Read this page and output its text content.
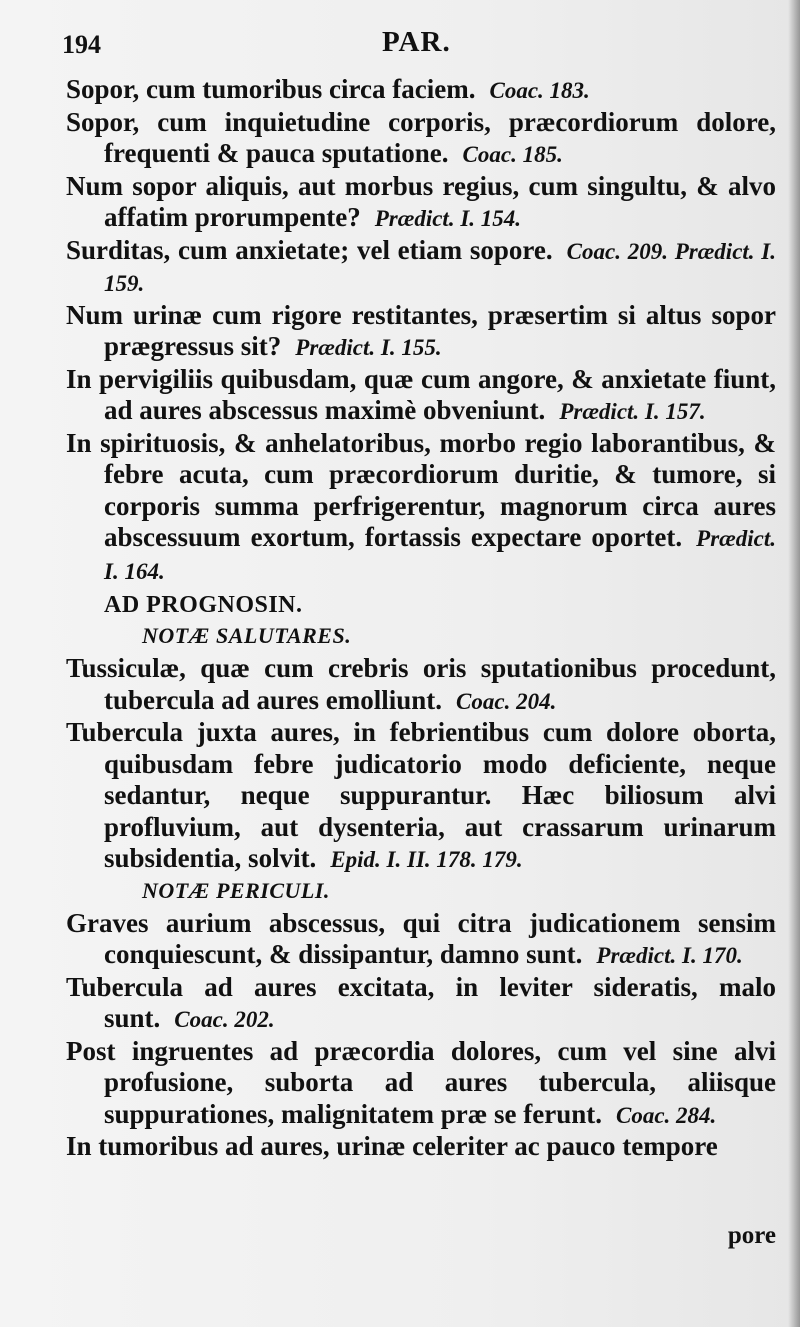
194	PAR.

Sopor, cum tumoribus circa faciem. Coac. 183.

Sopor, cum inquietudine corporis, præcordiorum dolore, frequenti & pauca sputatione. Coac. 185.

Num sopor aliquis, aut morbus regius, cum singultu, & alvo affatim prorumpente? Prædict. I. 154.

Surditas, cum anxietate; vel etiam sopore. Coac. 209. Prædict. I. 159.

Num urinæ cum rigore restitantes, præsertim si altus sopor prægressus sit? Prædict. I. 155.

In pervigiliis quibusdam, quæ cum angore, & anxietate fiunt, ad aures abscessus maximè obveniunt. Prædict. I. 157.

In spirituosis, & anhelatoribus, morbo regio laborantibus, & febre acuta, cum præcordiorum duritie, & tumore, si corporis summa perfrigerentur, magnorum circa aures abscessuum exortum, fortassis expectare oportet. Prædict. I. 164.

AD PROGNOSIN.
NOTÆ SALUTARES.

Tussiculæ, quæ cum crebris oris sputationibus procedunt, tubercula ad aures emolliunt. Coac. 204.

Tubercula juxta aures, in febrientibus cum dolore oborta, quibusdam febre judicatorio modo deficiente, neque sedantur, neque suppurantur. Hæc biliosum alvi profluvium, aut dysenteria, aut crassarum urinarum subsidentia, solvit. Epid. I. II. 178. 179.

NOTÆ PERICULI.

Graves aurium abscessus, qui citra judicationem sensim conquiescunt, & dissipantur, damno sunt. Prædict. I. 170.

Tubercula ad aures excitata, in leviter sideratis, malo sunt. Coac. 202.

Post ingruentes ad præcordia dolores, cum vel sine alvi profusione, suborta ad aures tubercula, aliisque suppurationes, malignitatem præ se ferunt. Coac. 284.

In tumoribus ad aures, urinæ celeriter ac pauco tempore

pore
